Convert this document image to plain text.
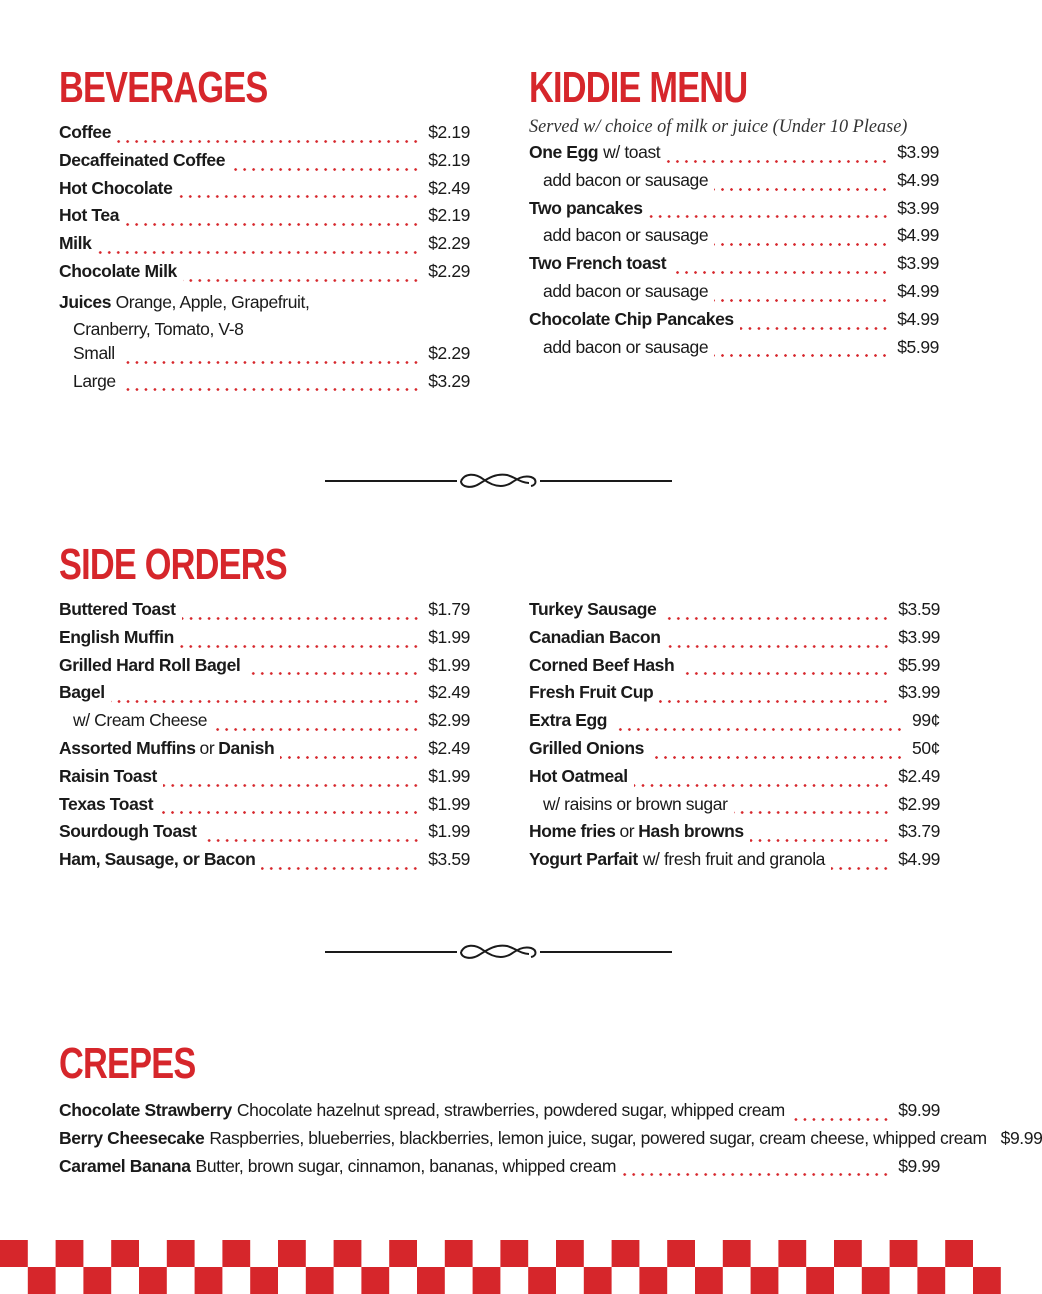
BEVERAGES
Coffee	$2.19
Decaffeinated Coffee	$2.19
Hot Chocolate	$2.49
Hot Tea	$2.19
Milk	$2.29
Chocolate Milk	$2.29
Juices Orange, Apple, Grapefruit,
Cranberry, Tomato, V-8
Small	$2.29
Large	$3.29
KIDDIE MENU
Served w/ choice of milk or juice (Under 10 Please)
One Egg w/ toast	$3.99
add bacon or sausage	$4.99
Two pancakes	$3.99
add bacon or sausage	$4.99
Two French toast	$3.99
add bacon or sausage	$4.99
Chocolate Chip Pancakes	$4.99
add bacon or sausage	$5.99
SIDE ORDERS
Buttered Toast	$1.79
English Muffin	$1.99
Grilled Hard Roll Bagel	$1.99
Bagel	$2.49
w/ Cream Cheese	$2.99
Assorted Muffins or Danish	$2.49
Raisin Toast	$1.99
Texas Toast	$1.99
Sourdough Toast	$1.99
Ham, Sausage, or Bacon	$3.59
Turkey Sausage	$3.59
Canadian Bacon	$3.99
Corned Beef Hash	$5.99
Fresh Fruit Cup	$3.99
Extra Egg	99¢
Grilled Onions	50¢
Hot Oatmeal	$2.49
w/ raisins or brown sugar	$2.99
Home fries or Hash browns	$3.79
Yogurt Parfait w/ fresh fruit and granola	$4.99
CREPES
Chocolate Strawberry Chocolate hazelnut spread, strawberries, powdered sugar, whipped cream	$9.99
Berry Cheesecake Raspberries, blueberries, blackberries, lemon juice, sugar, powered sugar, cream cheese, whipped cream $9.99
Caramel Banana Butter, brown sugar, cinnamon, bananas, whipped cream	$9.99
